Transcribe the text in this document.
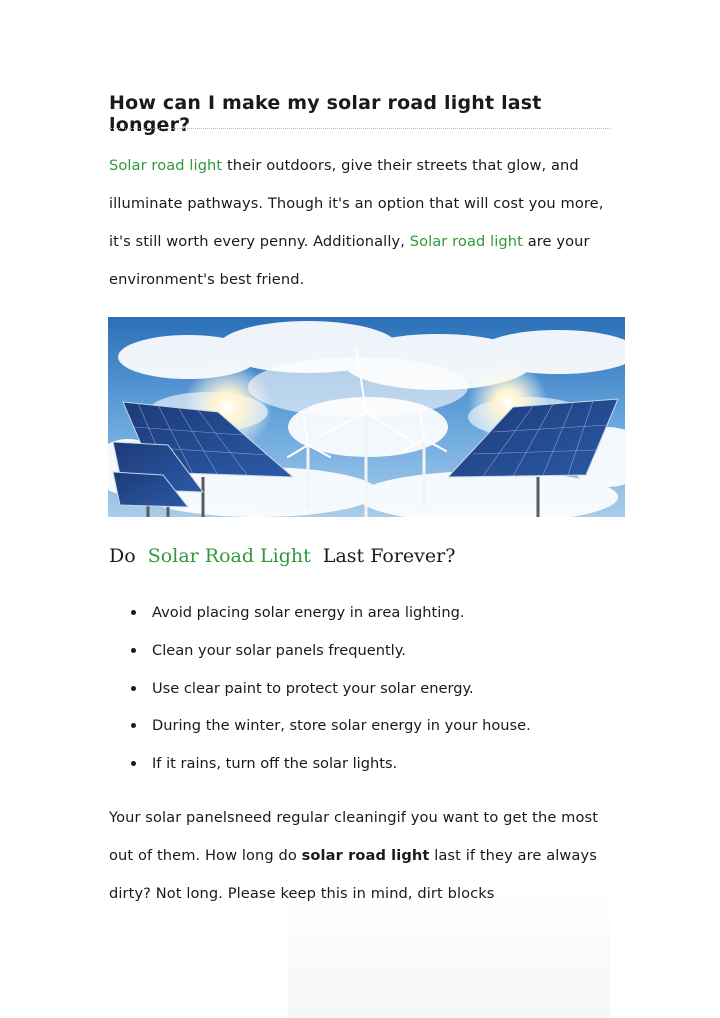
How can I make my solar road light last longer?

Solar road light their outdoors, give their streets that glow, and illuminate pathways. Though it's an option that will cost you more, it's still worth every penny. Additionally, Solar road light are your environment's best friend.

Do Solar Road Light Last Forever?
Avoid placing solar energy in area lighting.
Clean your solar panels frequently.
Use clear paint to protect your solar energy.
During the winter, store solar energy in your house.
If it rains, turn off the solar lights.

Your solar panelsneed regular cleaningif you want to get the most out of them. How long do solar road light last if they are always dirty? Not long. Please keep this in mind, dirt blocks
